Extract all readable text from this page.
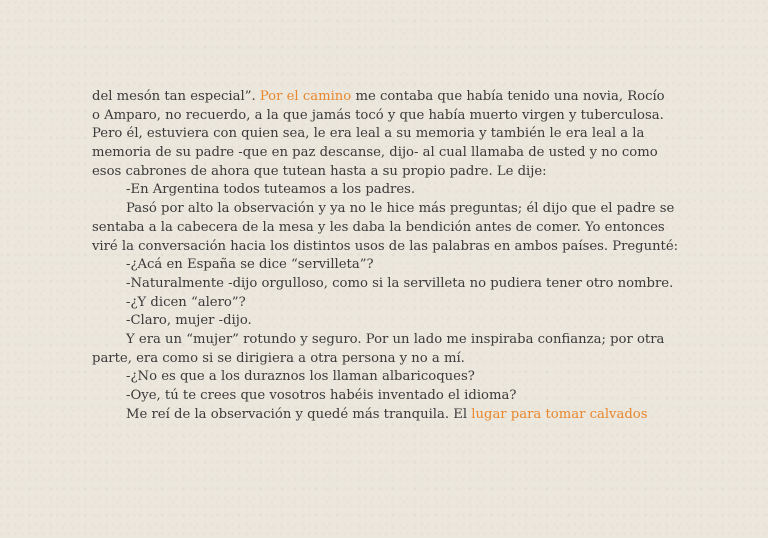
del mesón tan especial”. Por el camino me contaba que había tenido una novia, Rocío
o Amparo, no recuerdo, a la que jamás tocó y que había muerto virgen y tuberculosa.
Pero él, estuviera con quien sea, le era leal a su memoria y también le era leal a la
memoria de su padre -que en paz descanse, dijo- al cual llamaba de usted y no como
esos cabrones de ahora que tutean hasta a su propio padre. Le dije:
-En Argentina todos tuteamos a los padres.
Pasó por alto la observación y ya no le hice más preguntas; él dijo que el padre se
sentaba a la cabecera de la mesa y les daba la bendición antes de comer. Yo entonces
viré la conversación hacia los distintos usos de las palabras en ambos países. Pregunté:
-¿Acá en España se dice “servilleta”?
-Naturalmente -dijo orgulloso, como si la servilleta no pudiera tener otro nombre.
-¿Y dicen “alero”?
-Claro, mujer -dijo.
Y era un “mujer” rotundo y seguro. Por un lado me inspiraba confianza; por otra
parte, era como si se dirigiera a otra persona y no a mí.
-¿No es que a los duraznos los llaman albaricoques?
-Oye, tú te crees que vosotros habéis inventado el idioma?
Me reí de la observación y quedé más tranquila. El lugar para tomar calvados
